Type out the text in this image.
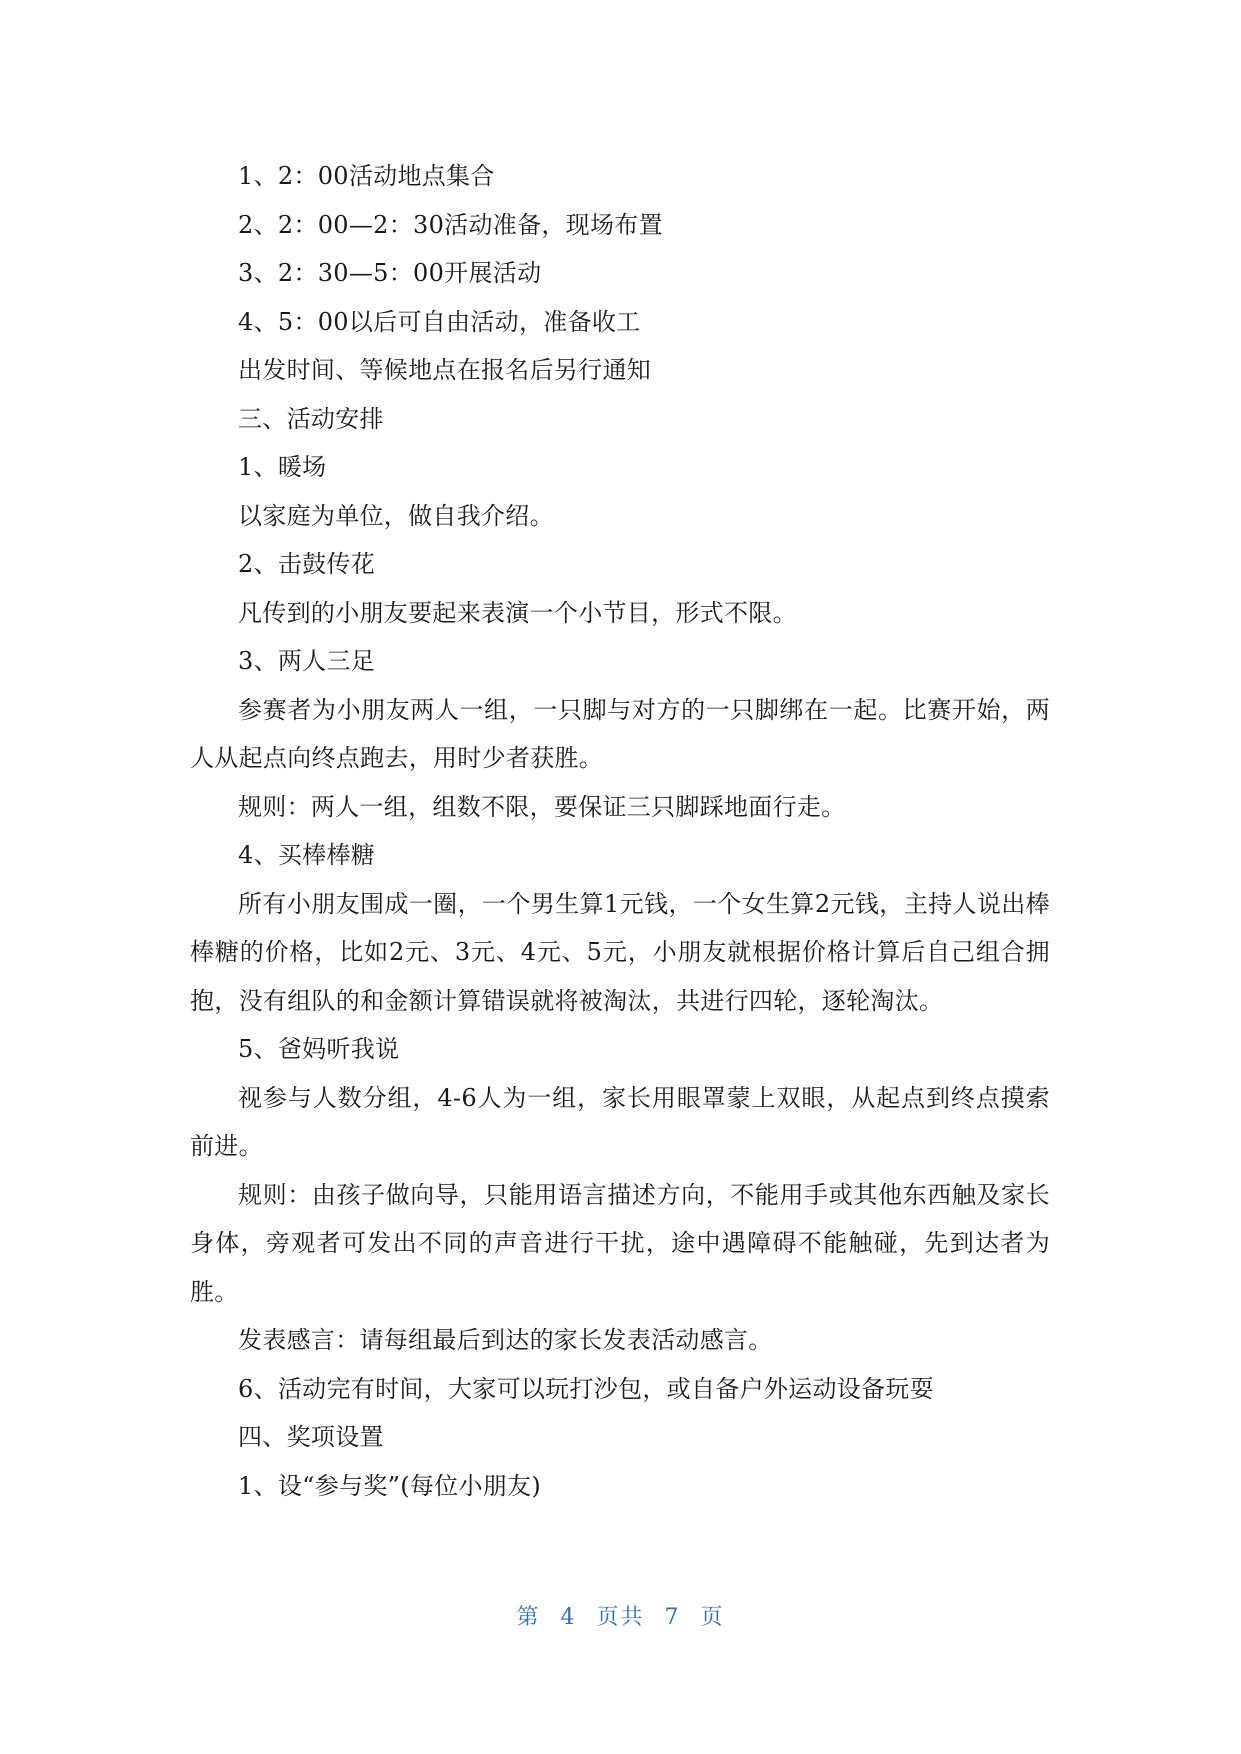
1、2：00活动地点集合

2、2：00—2：30活动准备，现场布置

3、2：30—5：00开展活动

4、5：00以后可自由活动，准备收工

出发时间、等候地点在报名后另行通知

三、活动安排

1、暖场

以家庭为单位，做自我介绍。

2、击鼓传花

凡传到的小朋友要起来表演一个小节目，形式不限。

3、两人三足

参赛者为小朋友两人一组，一只脚与对方的一只脚绑在一起。比赛开始，两人从起点向终点跑去，用时少者获胜。

规则：两人一组，组数不限，要保证三只脚踩地面行走。

4、买棒棒糖

所有小朋友围成一圈，一个男生算1元钱，一个女生算2元钱，主持人说出棒棒糖的价格，比如2元、3元、4元、5元，小朋友就根据价格计算后自己组合拥抱，没有组队的和金额计算错误就将被淘汰，共进行四轮，逐轮淘汰。

5、爸妈听我说

视参与人数分组，4-6人为一组，家长用眼罩蒙上双眼，从起点到终点摸索前进。

规则：由孩子做向导，只能用语言描述方向，不能用手或其他东西触及家长身体，旁观者可发出不同的声音进行干扰，途中遇障碍不能触碰，先到达者为胜。

发表感言：请每组最后到达的家长发表活动感言。

6、活动完有时间，大家可以玩打沙包，或自备户外运动设备玩耍

四、奖项设置

1、设“参与奖”(每位小朋友)

第 4 页共 7 页
